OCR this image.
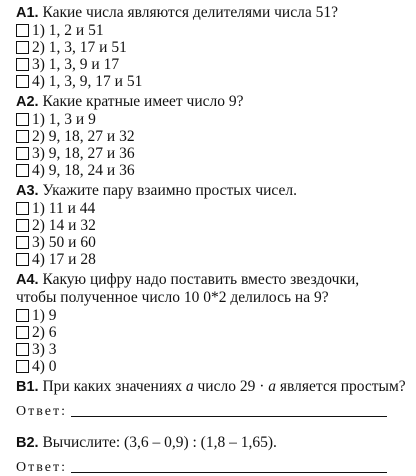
A1. Какие числа являются делителями числа 51?

1) 1, 2 и 51
2) 1, 3, 17 и 51
3) 1, 3, 9 и 17
4) 1, 3, 9, 17 и 51

A2. Какие кратные имеет число 9?

1) 1, 3 и 9
2) 9, 18, 27 и 32
3) 9, 18, 27 и 36
4) 9, 18, 24 и 36

A3. Укажите пару взаимно простых чисел.

1) 11 и 44
2) 14 и 32
3) 50 и 60
4) 17 и 28

A4. Какую цифру надо поставить вместо звездочки, чтобы полученное число 10 0*2 делилось на 9?

1) 9
2) 6
3) 3
4) 0

B1. При каких значениях a число 29 · a является простым?

Ответ:

B2. Вычислите: (3,6 – 0,9) : (1,8 – 1,65).

Ответ:
